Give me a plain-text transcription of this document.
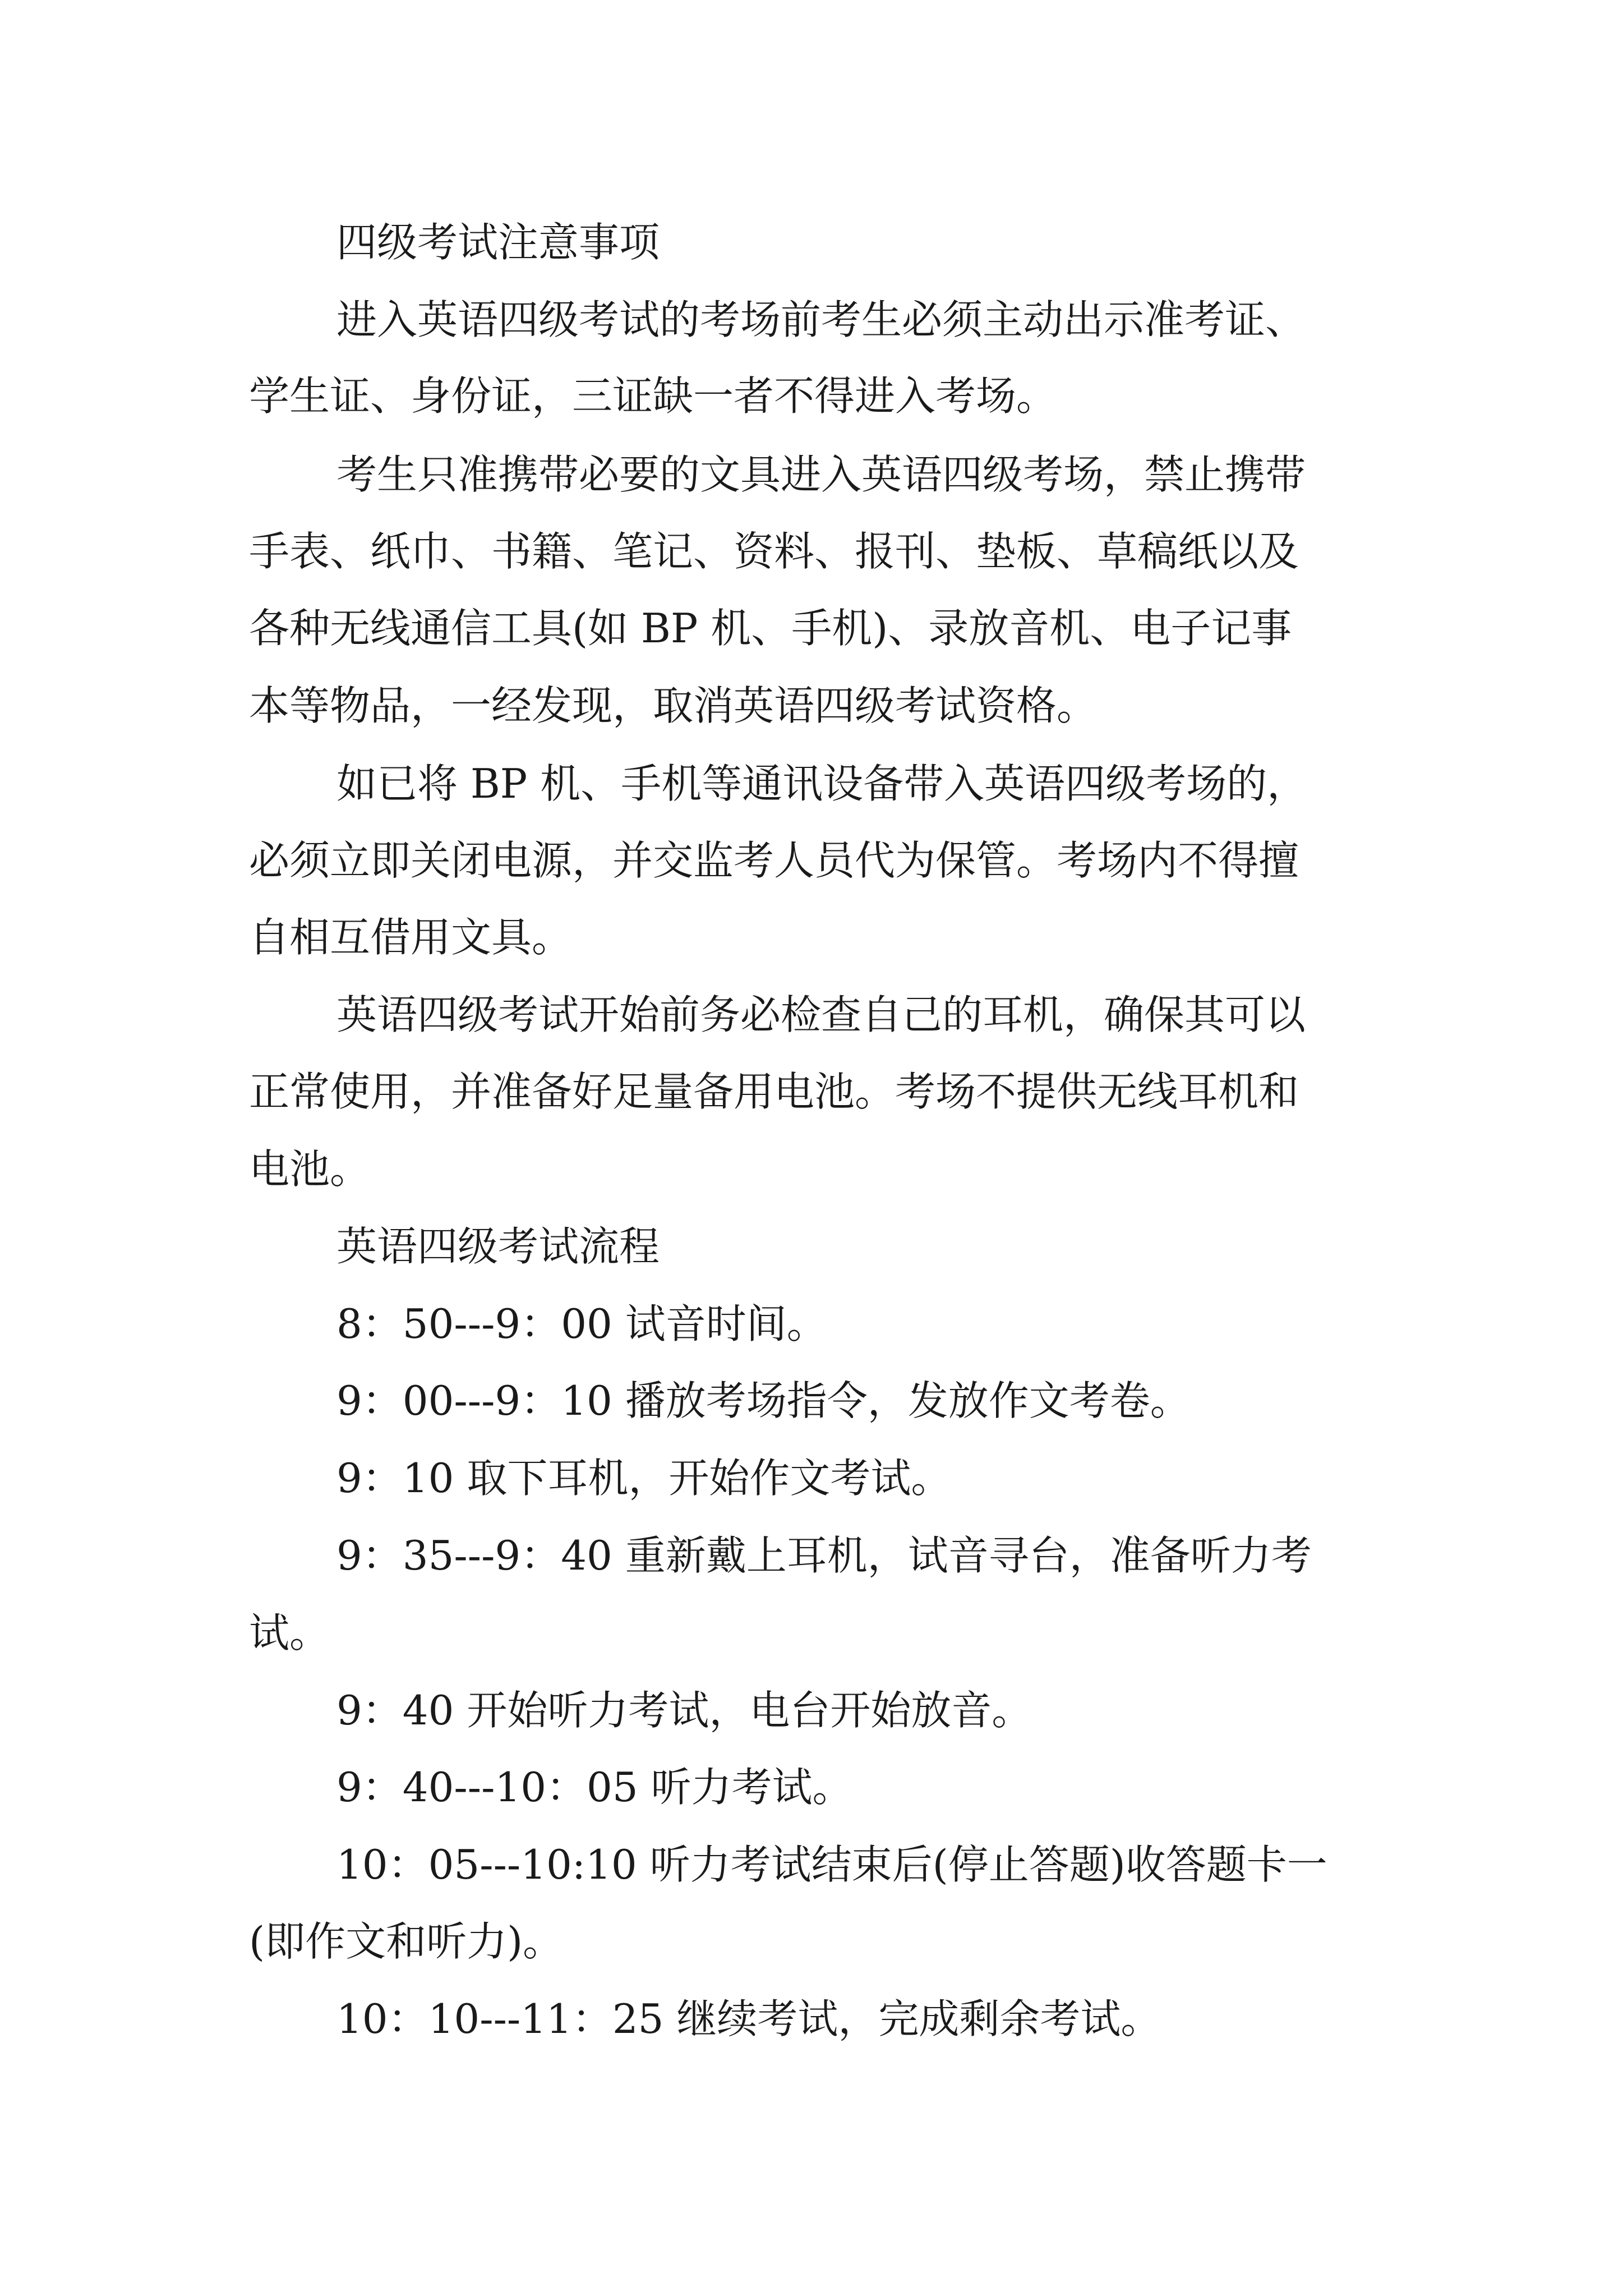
四级考试注意事项
进入英语四级考试的考场前考生必须主动出示准考证、
学生证、身份证，三证缺一者不得进入考场。
考生只准携带必要的文具进入英语四级考场，禁止携带
手表、纸巾、书籍、笔记、资料、报刊、垫板、草稿纸以及
各种无线通信工具(如 BP 机、手机)、录放音机、电子记事
本等物品，一经发现，取消英语四级考试资格。
如已将 BP 机、手机等通讯设备带入英语四级考场的，
必须立即关闭电源，并交监考人员代为保管。考场内不得擅
自相互借用文具。
英语四级考试开始前务必检查自己的耳机，确保其可以
正常使用，并准备好足量备用电池。考场不提供无线耳机和
电池。
英语四级考试流程
8：50---9：00 试音时间。
9：00---9：10 播放考场指令，发放作文考卷。
9：10 取下耳机，开始作文考试。
9：35---9：40 重新戴上耳机，试音寻台，准备听力考
试。
9：40 开始听力考试，电台开始放音。
9：40---10：05 听力考试。
10：05---10:10 听力考试结束后(停止答题)收答题卡一
(即作文和听力)。
10：10---11：25 继续考试，完成剩余考试。
